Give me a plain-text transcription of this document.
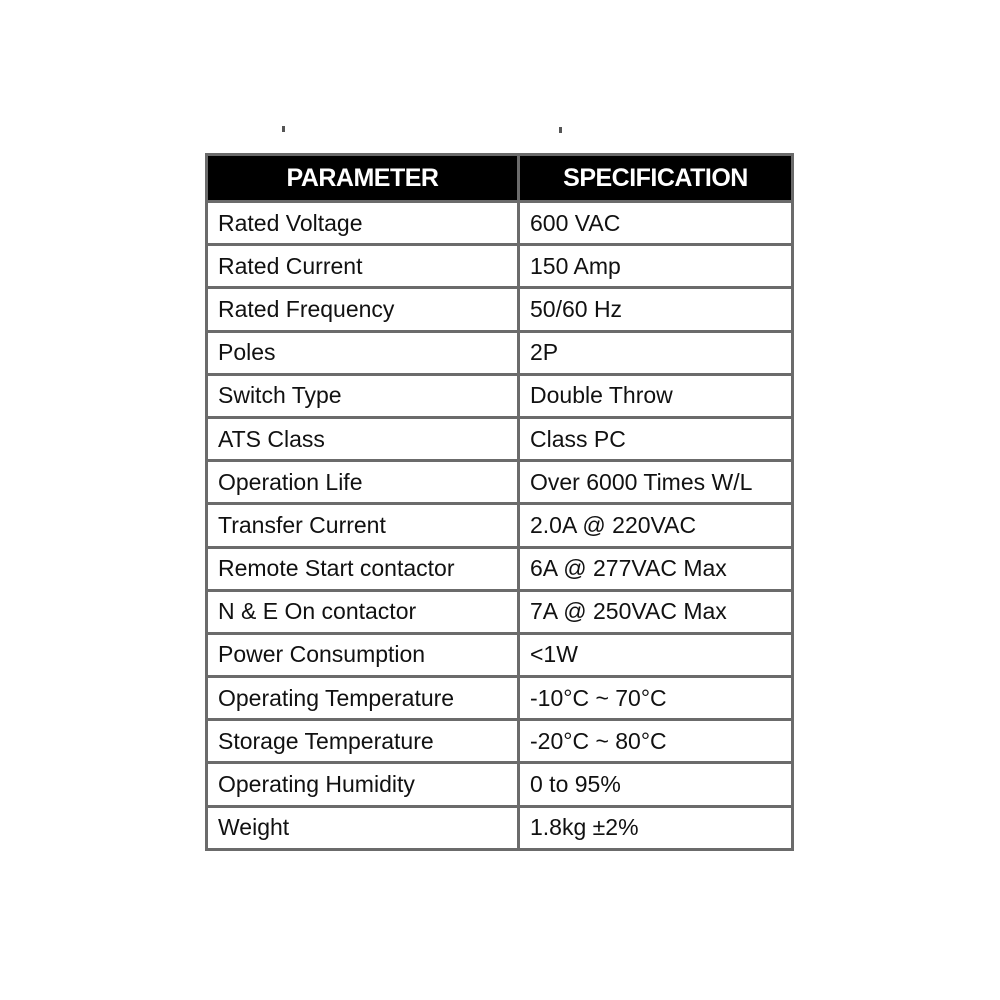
PARAMETER	SPECIFICATION
Rated Voltage	600 VAC
Rated Current	150 Amp
Rated Frequency	50/60 Hz
Poles	2P
Switch Type	Double Throw
ATS Class	Class PC
Operation Life	Over 6000 Times W/L
Transfer Current	2.0A @ 220VAC
Remote Start contactor	6A @ 277VAC Max
N & E On contactor	7A @ 250VAC Max
Power Consumption	<1W
Operating Temperature	-10°C ~ 70°C
Storage Temperature	-20°C ~ 80°C
Operating Humidity	0 to 95%
Weight	1.8kg ±2%
